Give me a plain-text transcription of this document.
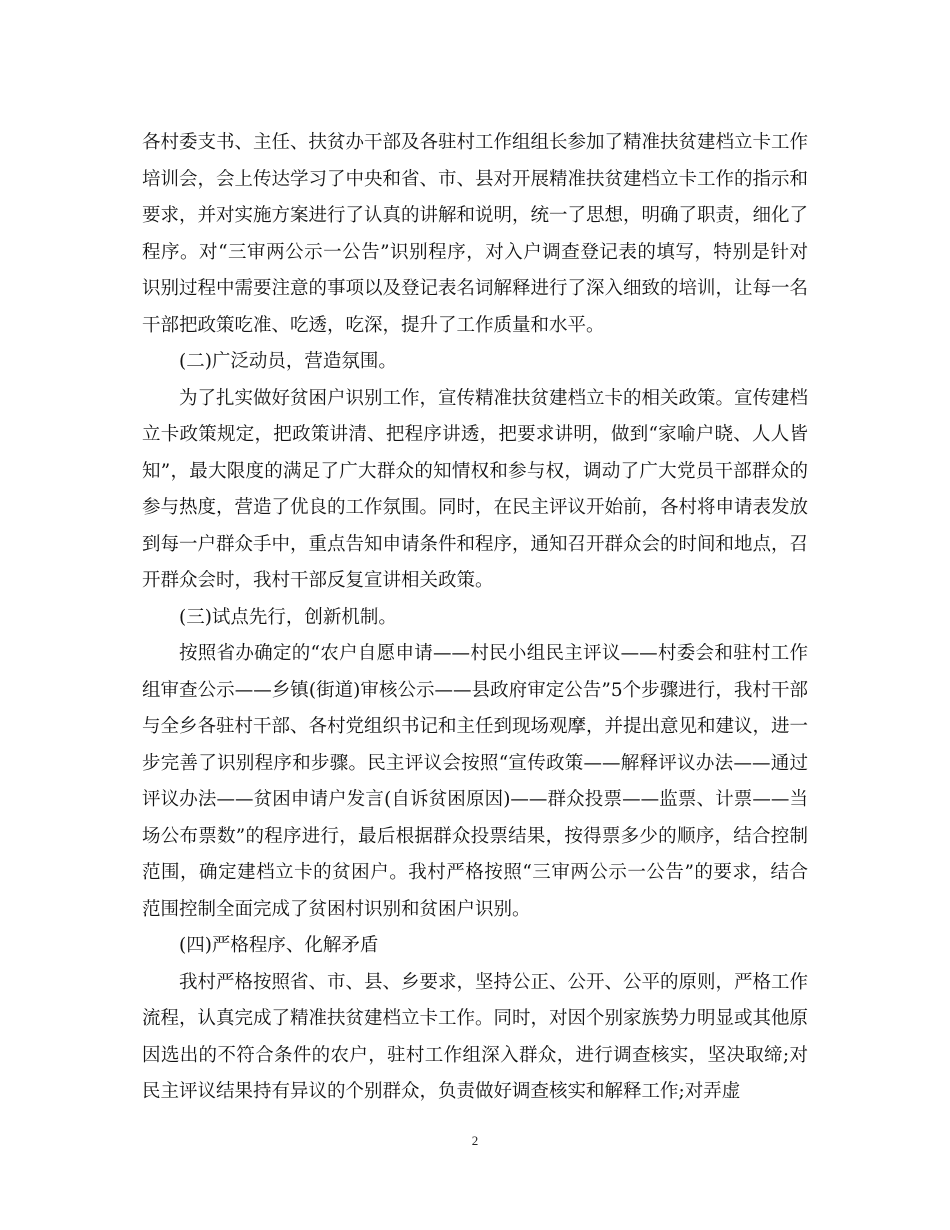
各村委支书、主任、扶贫办干部及各驻村工作组组长参加了精准扶贫建档立卡工作培训会，会上传达学习了中央和省、市、县对开展精准扶贫建档立卡工作的指示和要求，并对实施方案进行了认真的讲解和说明，统一了思想，明确了职责，细化了程序。对“三审两公示一公告”识别程序，对入户调查登记表的填写，特别是针对识别过程中需要注意的事项以及登记表名词解释进行了深入细致的培训，让每一名干部把政策吃准、吃透，吃深，提升了工作质量和水平。

(二)广泛动员，营造氛围。

为了扎实做好贫困户识别工作，宣传精准扶贫建档立卡的相关政策。宣传建档立卡政策规定，把政策讲清、把程序讲透，把要求讲明，做到“家喻户晓、人人皆知”，最大限度的满足了广大群众的知情权和参与权，调动了广大党员干部群众的参与热度，营造了优良的工作氛围。同时，在民主评议开始前，各村将申请表发放到每一户群众手中，重点告知申请条件和程序，通知召开群众会的时间和地点，召开群众会时，我村干部反复宣讲相关政策。

(三)试点先行，创新机制。

按照省办确定的“农户自愿申请——村民小组民主评议——村委会和驻村工作组审查公示——乡镇(街道)审核公示——县政府审定公告”5个步骤进行，我村干部与全乡各驻村干部、各村党组织书记和主任到现场观摩，并提出意见和建议，进一步完善了识别程序和步骤。民主评议会按照“宣传政策——解释评议办法——通过评议办法——贫困申请户发言(自诉贫困原因)——群众投票——监票、计票——当场公布票数”的程序进行，最后根据群众投票结果，按得票多少的顺序，结合控制范围，确定建档立卡的贫困户。我村严格按照“三审两公示一公告”的要求，结合范围控制全面完成了贫困村识别和贫困户识别。

(四)严格程序、化解矛盾

我村严格按照省、市、县、乡要求，坚持公正、公开、公平的原则，严格工作流程，认真完成了精准扶贫建档立卡工作。同时，对因个别家族势力明显或其他原因选出的不符合条件的农户，驻村工作组深入群众，进行调查核实，坚决取缔;对民主评议结果持有异议的个别群众，负责做好调查核实和解释工作;对弄虚

2
